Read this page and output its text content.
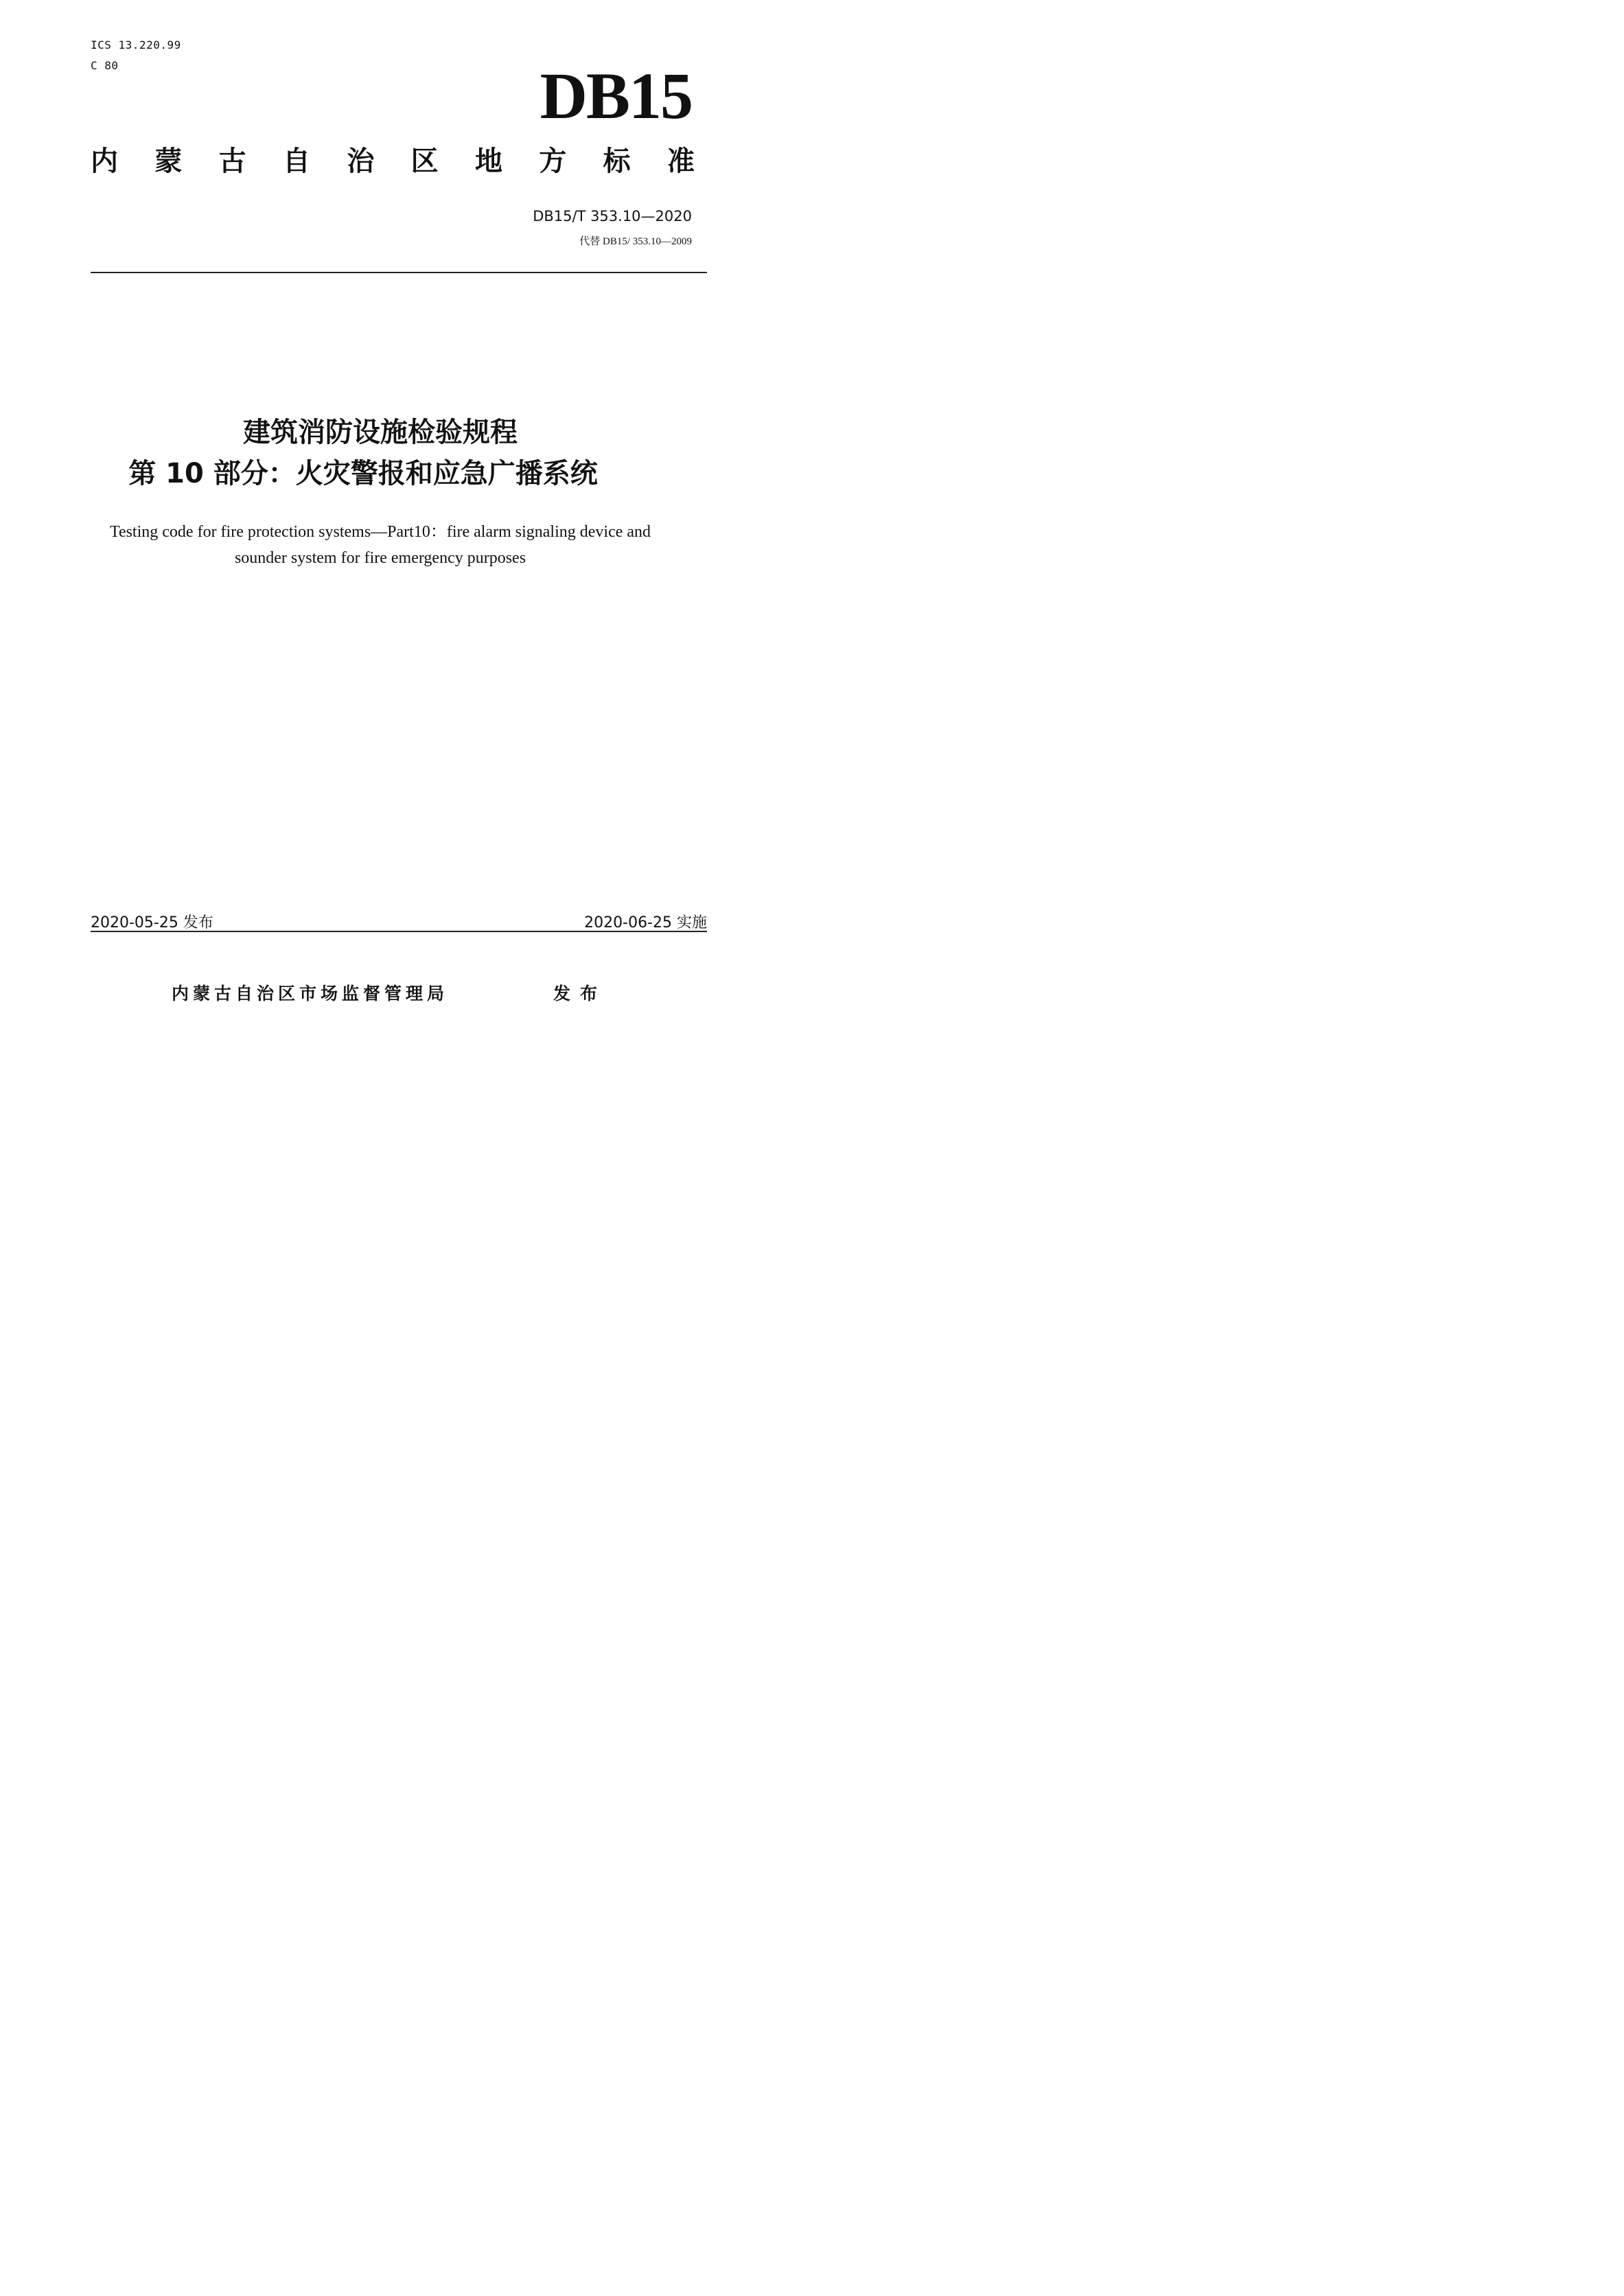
ICS 13.220.99
C 80	DB15
内 蒙 古 自 治 区 地 方 标 准
DB15/T 353.10—2020
代替 DB15/ 353.10—2009
建筑消防设施检验规程
第 10 部分：火灾警报和应急广播系统
Testing code for fire protection systems—Part10：fire alarm signaling device and
sounder system for fire emergency purposes
2020-05-25 发布	2020-06-25 实施
内蒙古自治区市场监督管理局	发布
